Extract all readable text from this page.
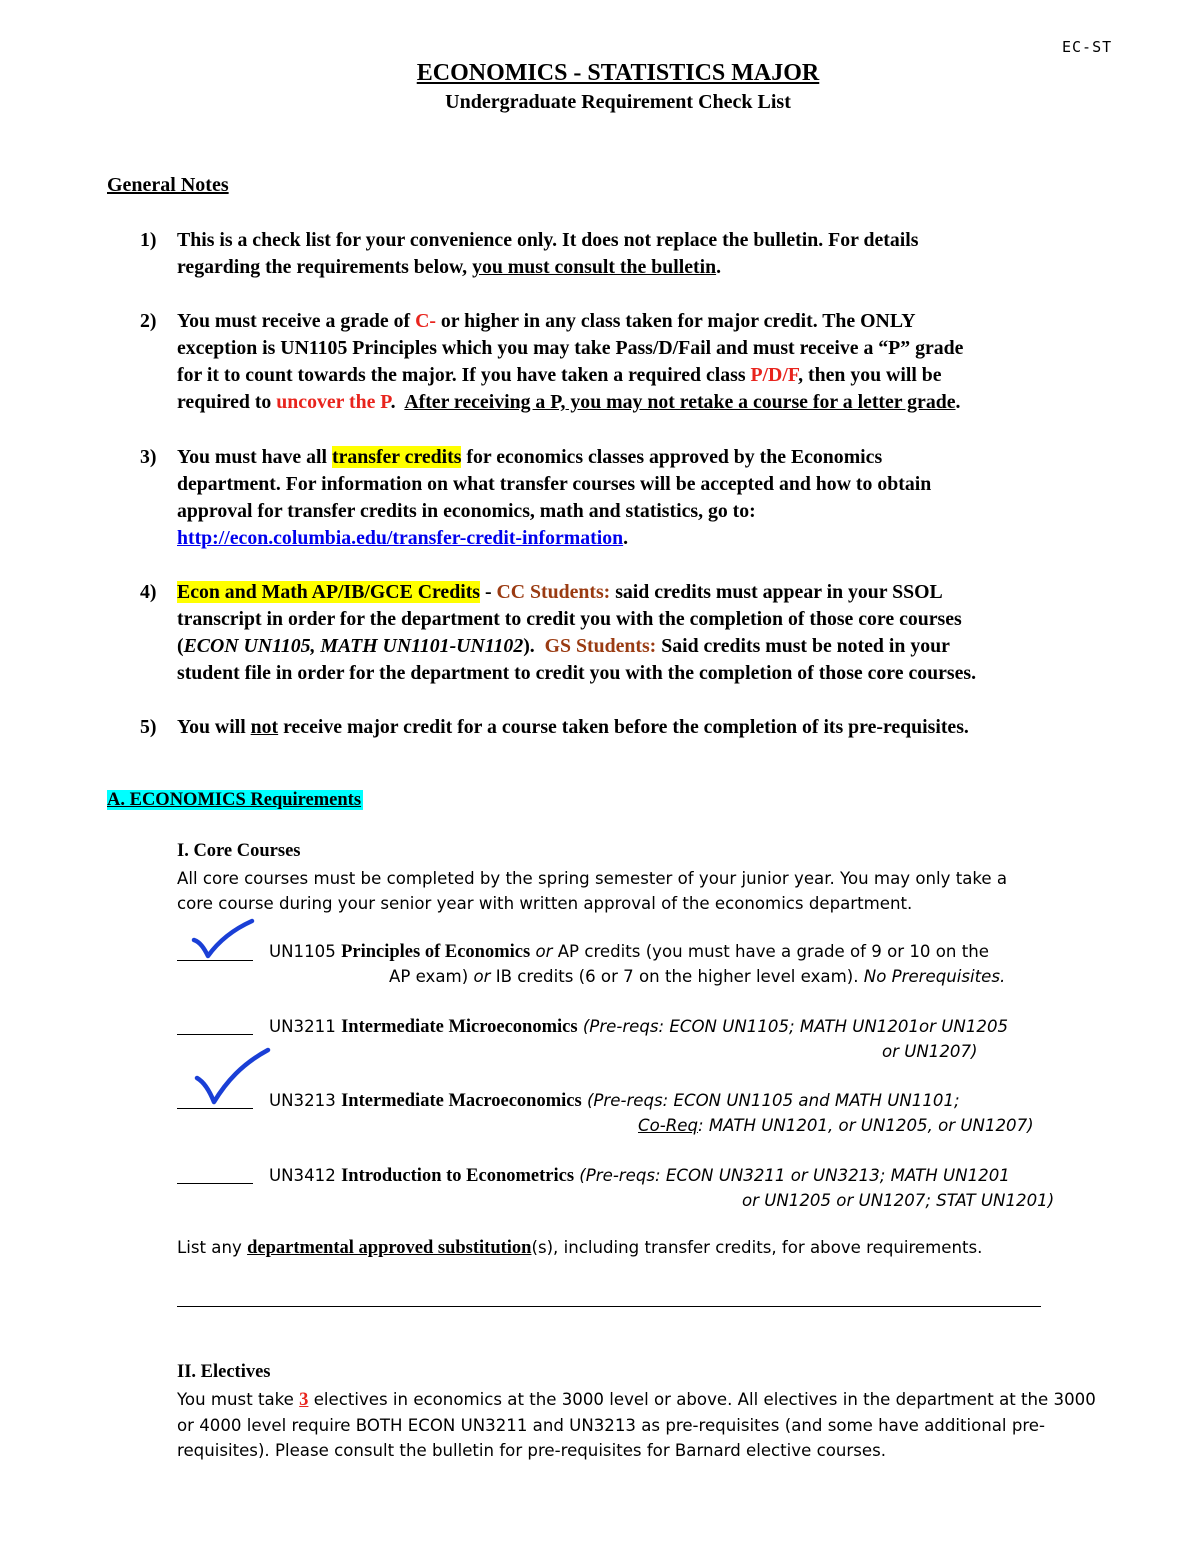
EC-ST
ECONOMICS - STATISTICS MAJOR
Undergraduate Requirement Check List
General Notes
1) This is a check list for your convenience only. It does not replace the bulletin. For details
regarding the requirements below, you must consult the bulletin.
2) You must receive a grade of C- or higher in any class taken for major credit. The ONLY
exception is UN1105 Principles which you may take Pass/D/Fail and must receive a “P” grade
for it to count towards the major. If you have taken a required class P/D/F, then you will be
required to uncover the P.  After receiving a P, you may not retake a course for a letter grade.
3) You must have all transfer credits for economics classes approved by the Economics
department. For information on what transfer courses will be accepted and how to obtain
approval for transfer credits in economics, math and statistics, go to:
http://econ.columbia.edu/transfer-credit-information.
4) Econ and Math AP/IB/GCE Credits - CC Students: said credits must appear in your SSOL
transcript in order for the department to credit you with the completion of those core courses
(ECON UN1105, MATH UN1101-UN1102).  GS Students: Said credits must be noted in your
student file in order for the department to credit you with the completion of those core courses.
5) You will not receive major credit for a course taken before the completion of its pre-requisites.
A. ECONOMICS Requirements
I. Core Courses
All core courses must be completed by the spring semester of your junior year. You may only take a
core course during your senior year with written approval of the economics department.
UN1105 Principles of Economics or AP credits (you must have a grade of 9 or 10 on the
AP exam) or IB credits (6 or 7 on the higher level exam). No Prerequisites.
UN3211 Intermediate Microeconomics (Pre-reqs: ECON UN1105; MATH UN1201or UN1205
or UN1207)
UN3213 Intermediate Macroeconomics (Pre-reqs: ECON UN1105 and MATH UN1101;
Co-Req: MATH UN1201, or UN1205, or UN1207)
UN3412 Introduction to Econometrics (Pre-reqs: ECON UN3211 or UN3213; MATH UN1201
or UN1205 or UN1207; STAT UN1201)
List any departmental approved substitution(s), including transfer credits, for above requirements.
II. Electives
You must take 3 electives in economics at the 3000 level or above. All electives in the department at the 3000
or 4000 level require BOTH ECON UN3211 and UN3213 as pre-requisites (and some have additional pre-
requisites). Please consult the bulletin for pre-requisites for Barnard elective courses.
